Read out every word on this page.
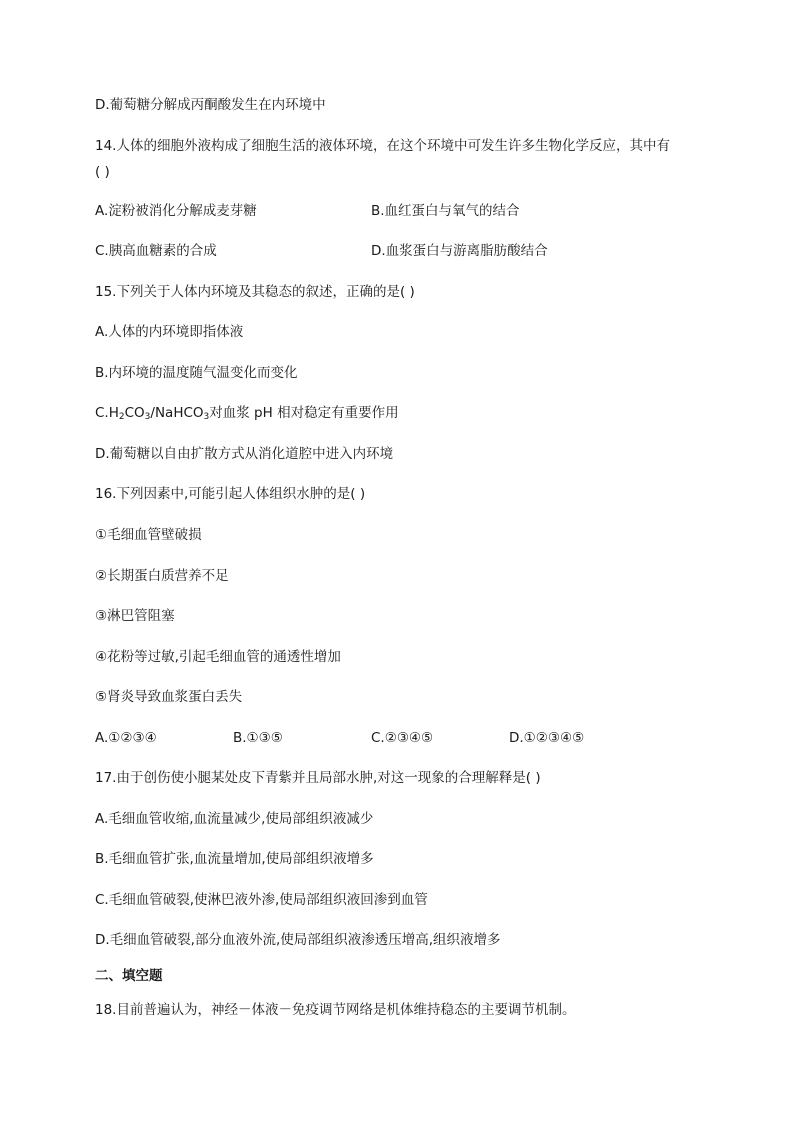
D.葡萄糖分解成丙酮酸发生在内环境中
14.人体的细胞外液构成了细胞生活的液体环境，在这个环境中可发生许多生物化学反应，其中有
( )
A.淀粉被消化分解成麦芽糖	B.血红蛋白与氧气的结合
C.胰高血糖素的合成	D.血浆蛋白与游离脂肪酸结合
15.下列关于人体内环境及其稳态的叙述，正确的是( )
A.人体的内环境即指体液
B.内环境的温度随气温变化而变化
$C.H_2CO_3/NaHCO_3$对血浆 pH 相对稳定有重要作用
D.葡萄糖以自由扩散方式从消化道腔中进入内环境
16.下列因素中,可能引起人体组织水肿的是( )
①毛细血管壁破损
②长期蛋白质营养不足
③淋巴管阻塞
④花粉等过敏,引起毛细血管的通透性增加
⑤肾炎导致血浆蛋白丢失
A.①②③④	B.①③⑤	C.②③④⑤	D.①②③④⑤
17.由于创伤使小腿某处皮下青紫并且局部水肿,对这一现象的合理解释是( )
A.毛细血管收缩,血流量减少,使局部组织液减少
B.毛细血管扩张,血流量增加,使局部组织液增多
C.毛细血管破裂,使淋巴液外渗,使局部组织液回渗到血管
D.毛细血管破裂,部分血液外流,使局部组织液渗透压增高,组织液增多
二、填空题
18.目前普遍认为，神经－体液－免疫调节网络是机体维持稳态的主要调节机制。
